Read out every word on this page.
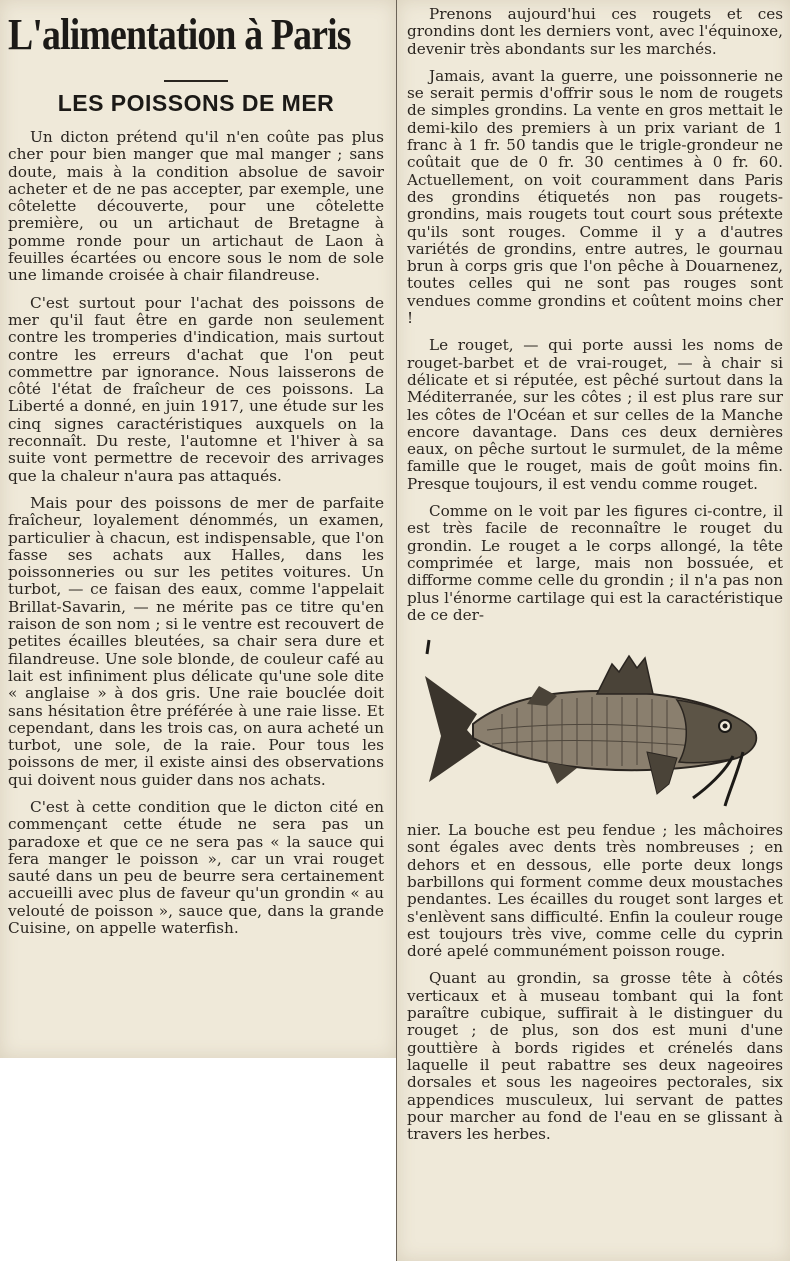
L'alimentation à Paris
LES POISSONS DE MER

Un dicton prétend qu'il n'en coûte pas plus cher pour bien manger que mal manger ; sans doute, mais à la condition absolue de savoir acheter et de ne pas accepter, par exemple, une côtelette découverte, pour une côtelette première, ou un artichaut de Bretagne à pomme ronde pour un artichaut de Laon à feuilles écartées ou encore sous le nom de sole une limande croisée à chair filandreuse.

C'est surtout pour l'achat des poissons de mer qu'il faut être en garde non seulement contre les tromperies d'indication, mais surtout contre les erreurs d'achat que l'on peut commettre par ignorance. Nous laisserons de côté l'état de fraîcheur de ces poissons. La Liberté a donné, en juin 1917, une étude sur les cinq signes caractéristiques auxquels on la reconnaît. Du reste, l'automne et l'hiver à sa suite vont permettre de recevoir des arrivages que la chaleur n'aura pas attaqués.

Mais pour des poissons de mer de parfaite fraîcheur, loyalement dénommés, un examen, particulier à chacun, est indispensable, que l'on fasse ses achats aux Halles, dans les poissonneries ou sur les petites voitures. Un turbot, — ce faisan des eaux, comme l'appelait Brillat-Savarin, — ne mérite pas ce titre qu'en raison de son nom ; si le ventre est recouvert de petites écailles bleutées, sa chair sera dure et filandreuse. Une sole blonde, de couleur café au lait est infiniment plus délicate qu'une sole dite « anglaise » à dos gris. Une raie bouclée doit sans hésitation être préférée à une raie lisse. Et cependant, dans les trois cas, on aura acheté un turbot, une sole, de la raie. Pour tous les poissons de mer, il existe ainsi des observations qui doivent nous guider dans nos achats.

C'est à cette condition que le dicton cité en commençant cette étude ne sera pas un paradoxe et que ce ne sera pas « la sauce qui fera manger le poisson », car un vrai rouget sauté dans un peu de beurre sera certainement accueilli avec plus de faveur qu'un grondin « au velouté de poisson », sauce que, dans la grande Cuisine, on appelle waterfish.

Prenons aujourd'hui ces rougets et ces grondins dont les derniers vont, avec l'équinoxe, devenir très abondants sur les marchés.

Jamais, avant la guerre, une poissonnerie ne se serait permis d'offrir sous le nom de rougets de simples grondins. La vente en gros mettait le demi-kilo des premiers à un prix variant de 1 franc à 1 fr. 50 tandis que le trigle-grondeur ne coûtait que de 0 fr. 30 centimes à 0 fr. 60. Actuellement, on voit couramment dans Paris des grondins étiquetés non pas rougets-grondins, mais rougets tout court sous prétexte qu'ils sont rouges. Comme il y a d'autres variétés de grondins, entre autres, le gournau brun à corps gris que l'on pêche à Douarnenez, toutes celles qui ne sont pas rouges sont vendues comme grondins et coûtent moins cher !

Le rouget, — qui porte aussi les noms de rouget-barbet et de vrai-rouget, — à chair si délicate et si réputée, est pêché surtout dans la Méditerranée, sur les côtes ; il est plus rare sur les côtes de l'Océan et sur celles de la Manche encore davantage. Dans ces deux dernières eaux, on pêche surtout le surmulet, de la même famille que le rouget, mais de goût moins fin. Presque toujours, il est vendu comme rouget.

Comme on le voit par les figures ci-contre, il est très facile de reconnaître le rouget du grondin. Le rouget a le corps allongé, la tête comprimée et large, mais non bossuée, et difforme comme celle du grondin ; il n'a pas non plus l'énorme cartilage qui est la caractéristique de ce der-

nier. La bouche est peu fendue ; les mâchoires sont égales avec dents très nombreuses ; en dehors et en dessous, elle porte deux longs barbillons qui forment comme deux moustaches pendantes. Les écailles du rouget sont larges et s'enlèvent sans difficulté. Enfin la couleur rouge est toujours très vive, comme celle du cyprin doré apelé communément poisson rouge.

Quant au grondin, sa grosse tête à côtés verticaux et à museau tombant qui la font paraître cubique, suffirait à le distinguer du rouget ; de plus, son dos est muni d'une gouttière à bords rigides et crénelés dans laquelle il peut rabattre ses deux nageoires dorsales et sous les nageoires pectorales, six appendices musculeux, lui servant de pattes pour marcher au fond de l'eau en se glissant à travers les herbes.
